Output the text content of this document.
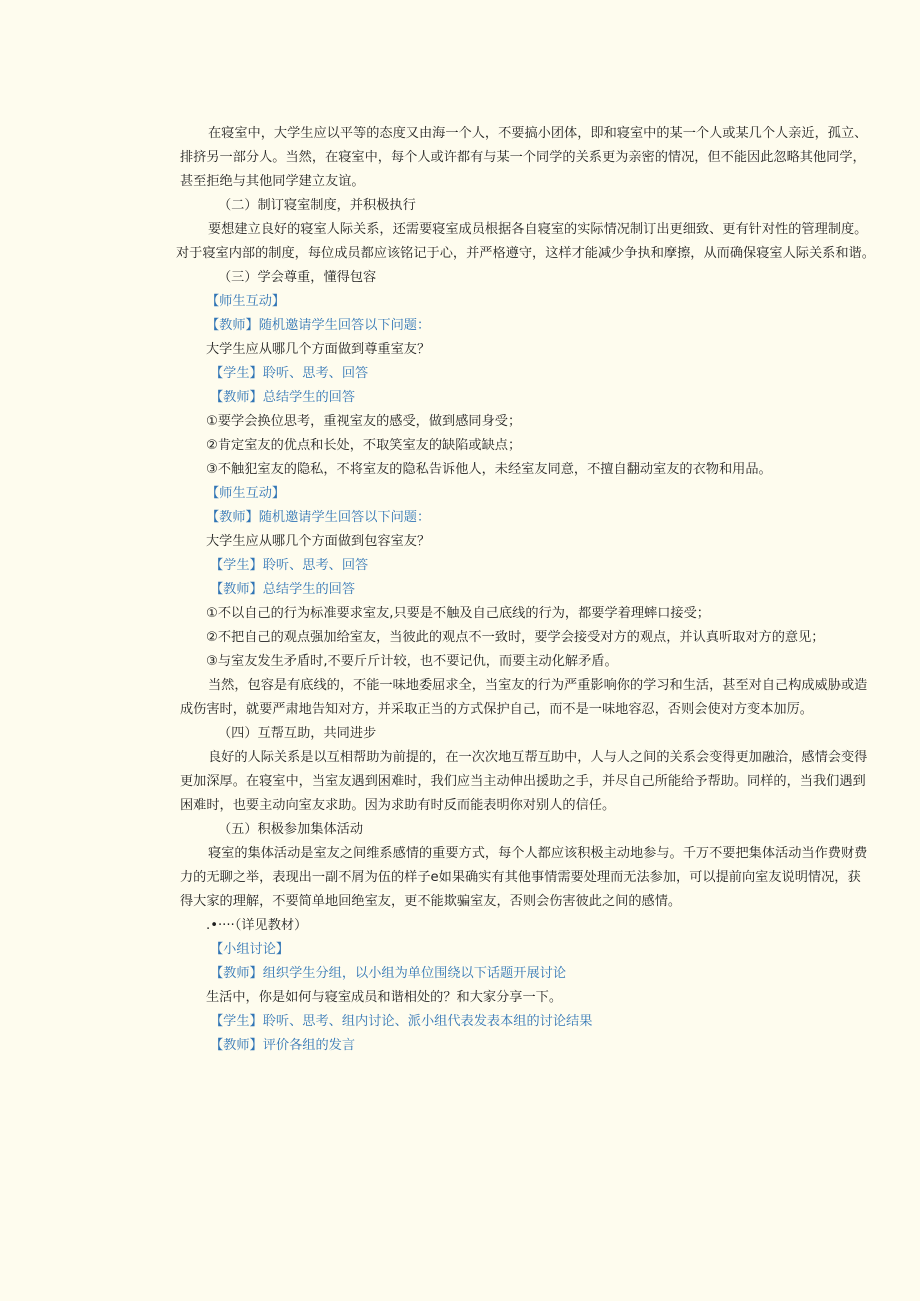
在寝室中，大学生应以平等的态度又由海一个人，不要搞小团体，即和寝室中的某一个人或某几个人亲近，孤立、

排挤另一部分人。当然，在寝室中，每个人或许都有与某一个同学的关系更为亲密的情况，但不能因此忽略其他同学，

甚至拒绝与其他同学建立友谊。

（二）制订寝室制度，并积极执行

要想建立良好的寝室人际关系，还需要寝室成员根据各自寝室的实际情况制订出更细致、更有针对性的管理制度。

对于寝室内部的制度，每位成员都应该铭记于心，并严格遵守，这样才能减少争执和摩擦，从而确保寝室人际关系和谐。

（三）学会尊重，懂得包容

【师生互动】

【教师】随机邀请学生回答以下问题：

大学生应从哪几个方面做到尊重室友？

【学生】聆听、思考、回答

【教师】总结学生的回答

①要学会换位思考，重视室友的感受，做到感同身受；

②肯定室友的优点和长处，不取笑室友的缺陷或缺点；

③不触犯室友的隐私，不将室友的隐私告诉他人，未经室友同意，不擅自翻动室友的衣物和用品。

【师生互动】

【教师】随机邀请学生回答以下问题：

大学生应从哪几个方面做到包容室友？

【学生】聆听、思考、回答

【教师】总结学生的回答

①不以自己的行为标准要求室友,只要是不触及自己底线的行为，都要学着理蟀口接受；

②不把自己的观点强加给室友，当彼此的观点不一致时，要学会接受对方的观点，并认真听取对方的意见；

③与室友发生矛盾时,不要斤斤计较，也不要记仇，而要主动化解矛盾。

当然，包容是有底线的，不能一味地委屈求全，当室友的行为严重影响你的学习和生活，甚至对自己构成威胁或造

成伤害时，就要严肃地告知对方，并采取正当的方式保护自己，而不是一味地容忍，否则会使对方变本加厉。

（四）互帮互助，共同进步

良好的人际关系是以互相帮助为前提的，在一次次地互帮互助中，人与人之间的关系会变得更加融洽，感情会变得

更加深厚。在寝室中，当室友遇到困难时，我们应当主动伸出援助之手，并尽自己所能给予帮助。同样的，当我们遇到

困难时，也要主动向室友求助。因为求助有时反而能表明你对别人的信任。

（五）积极参加集体活动

寝室的集体活动是室友之间维系感情的重要方式，每个人都应该积极主动地参与。千万不要把集体活动当作费财费

力的无聊之举，表现出一副不屑为伍的样子e如果确实有其他事情需要处理而无法参加，可以提前向室友说明情况，获

得大家的理解，不要简单地回绝室友，更不能欺骗室友，否则会伤害彼此之间的感情。

.•····（详见教材）

【小组讨论】

【教师】组织学生分组，以小组为单位围绕以下话题开展讨论

生活中，你是如何与寝室成员和谐相处的？和大家分享一下。

【学生】聆听、思考、组内讨论、派小组代表发表本组的讨论结果

【教师】评价各组的发言
